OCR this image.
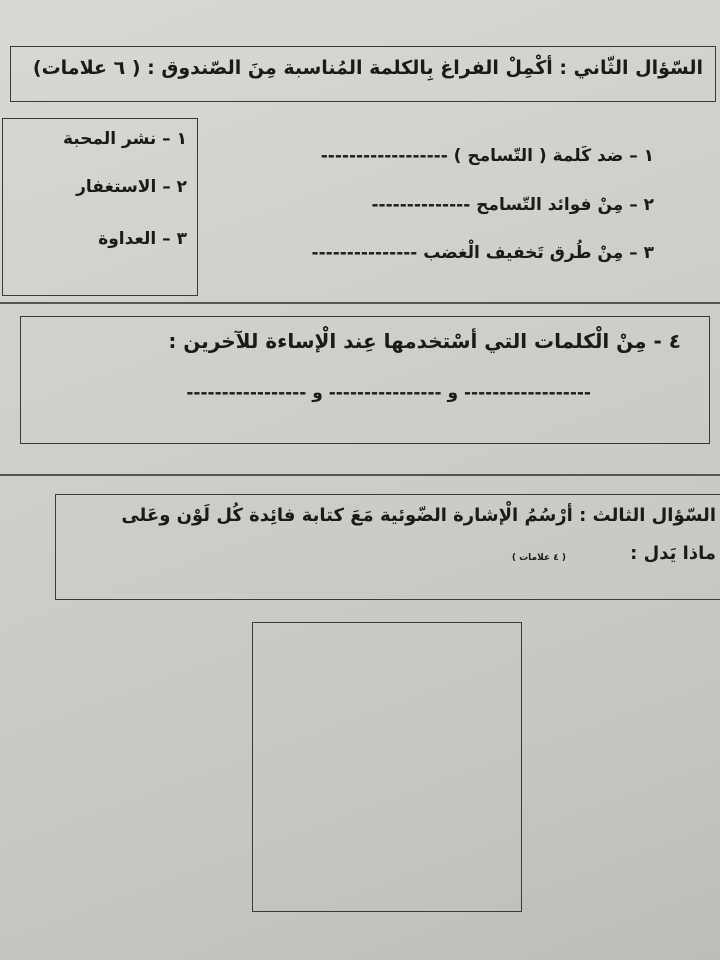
السّؤال الثّاني : أكْمِلْ الفراغ بِالكلمة المُناسبة مِنَ الصّندوق : ( ٦ علامات)
١ – نشر المحبة
٢ – الاستغفار
٣ – العداوة
١ – ضد كَلمة ( التّسامح ) ------------------
٢ – مِنْ فوائد التّسامح --------------
٣ – مِنْ طُرق تَخفيف الْغضب ---------------
٤ - مِنْ الْكلمات التي أسْتخدمها عِند الْإساءة للآخرين :
------------------ و ---------------- و -----------------
السّؤال الثالث : أرْسُمُ الْإشارة الضّوئية مَعَ كتابة فائِدة كُل لَوْن وعَلى
ماذا يَدل :
( ٤ علامات )
